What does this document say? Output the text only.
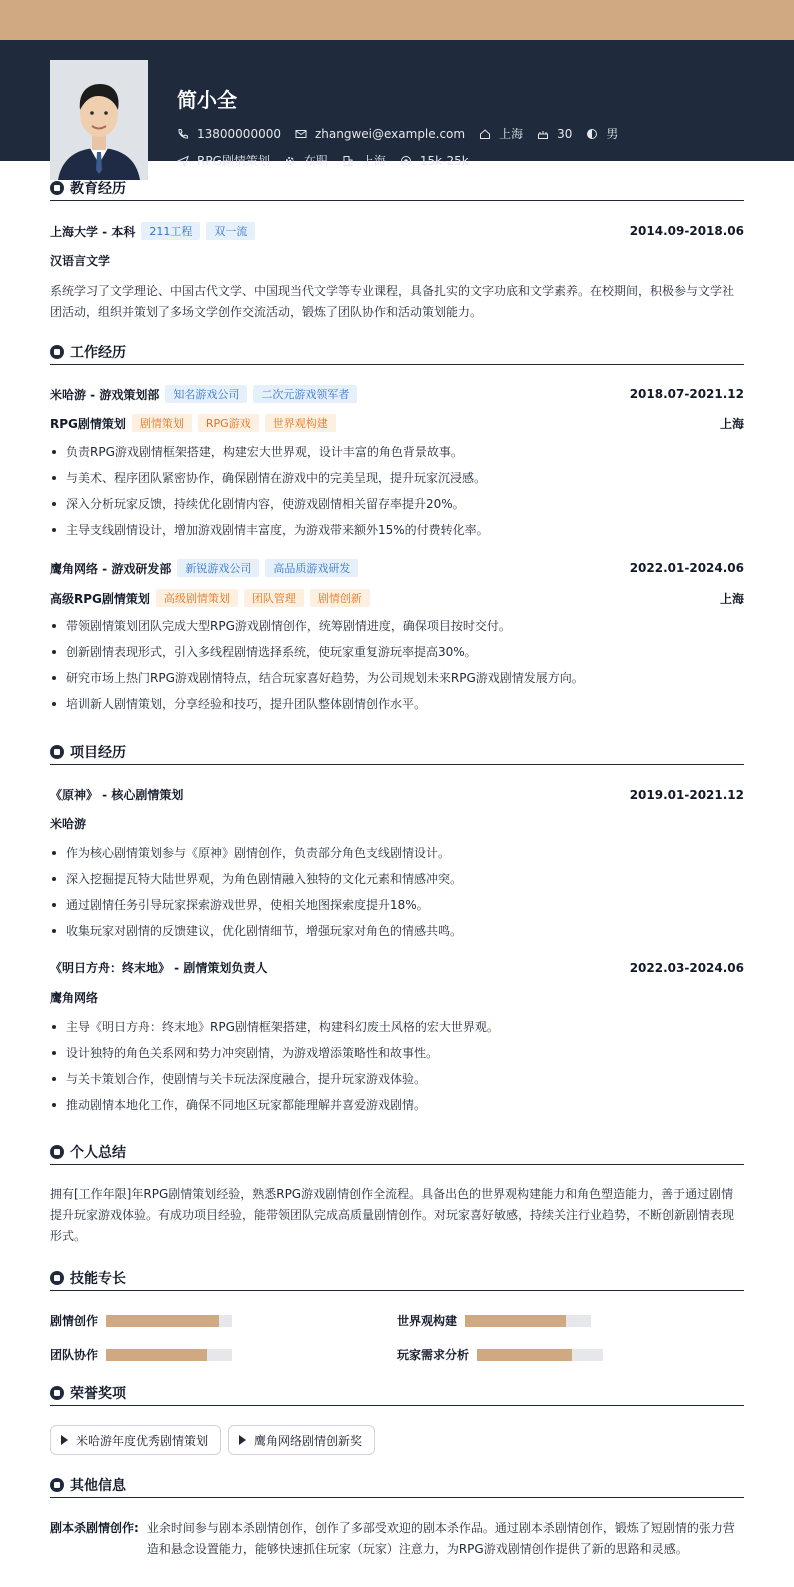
简小全
13800000000	zhangwei@example.com	上海	30	男
RPG剧情策划	在职	上海	15k-25k
教育经历
上海大学 - 本科	211工程	双一流	2014.09-2018.06
汉语言文学
系统学习了文学理论、中国古代文学、中国现当代文学等专业课程，具备扎实的文字功底和文学素养。在校期间，积极参与文学社团活动，组织并策划了多场文学创作交流活动，锻炼了团队协作和活动策划能力。
工作经历
米哈游 - 游戏策划部	知名游戏公司	二次元游戏领军者	2018.07-2021.12
RPG剧情策划	剧情策划	RPG游戏	世界观构建	上海
负责RPG游戏剧情框架搭建，构建宏大世界观，设计丰富的角色背景故事。
与美术、程序团队紧密协作，确保剧情在游戏中的完美呈现，提升玩家沉浸感。
深入分析玩家反馈，持续优化剧情内容，使游戏剧情相关留存率提升20%。
主导支线剧情设计，增加游戏剧情丰富度，为游戏带来额外15%的付费转化率。
鹰角网络 - 游戏研发部	新锐游戏公司	高品质游戏研发	2022.01-2024.06
高级RPG剧情策划	高级剧情策划	团队管理	剧情创新	上海
带领剧情策划团队完成大型RPG游戏剧情创作，统筹剧情进度，确保项目按时交付。
创新剧情表现形式，引入多线程剧情选择系统，使玩家重复游玩率提高30%。
研究市场上热门RPG游戏剧情特点，结合玩家喜好趋势，为公司规划未来RPG游戏剧情发展方向。
培训新人剧情策划，分享经验和技巧，提升团队整体剧情创作水平。
项目经历
《原神》 - 核心剧情策划	2019.01-2021.12
米哈游
作为核心剧情策划参与《原神》剧情创作，负责部分角色支线剧情设计。
深入挖掘提瓦特大陆世界观，为角色剧情融入独特的文化元素和情感冲突。
通过剧情任务引导玩家探索游戏世界，使相关地图探索度提升18%。
收集玩家对剧情的反馈建议，优化剧情细节，增强玩家对角色的情感共鸣。
《明日方舟：终末地》 - 剧情策划负责人	2022.03-2024.06
鹰角网络
主导《明日方舟：终末地》RPG剧情框架搭建，构建科幻废土风格的宏大世界观。
设计独特的角色关系网和势力冲突剧情，为游戏增添策略性和故事性。
与关卡策划合作，使剧情与关卡玩法深度融合，提升玩家游戏体验。
推动剧情本地化工作，确保不同地区玩家都能理解并喜爱游戏剧情。
个人总结
拥有[工作年限]年RPG剧情策划经验，熟悉RPG游戏剧情创作全流程。具备出色的世界观构建能力和角色塑造能力，善于通过剧情提升玩家游戏体验。有成功项目经验，能带领团队完成高质量剧情创作。对玩家喜好敏感，持续关注行业趋势，不断创新剧情表现形式。
技能专长
剧情创作	世界观构建
团队协作	玩家需求分析
荣誉奖项
米哈游年度优秀剧情策划	鹰角网络剧情创新奖
其他信息
剧本杀剧情创作: 业余时间参与剧本杀剧情创作，创作了多部受欢迎的剧本杀作品。通过剧本杀剧情创作，锻炼了短剧情的张力营造和悬念设置能力，能够快速抓住玩家（玩家）注意力，为RPG游戏剧情创作提供了新的思路和灵感。
